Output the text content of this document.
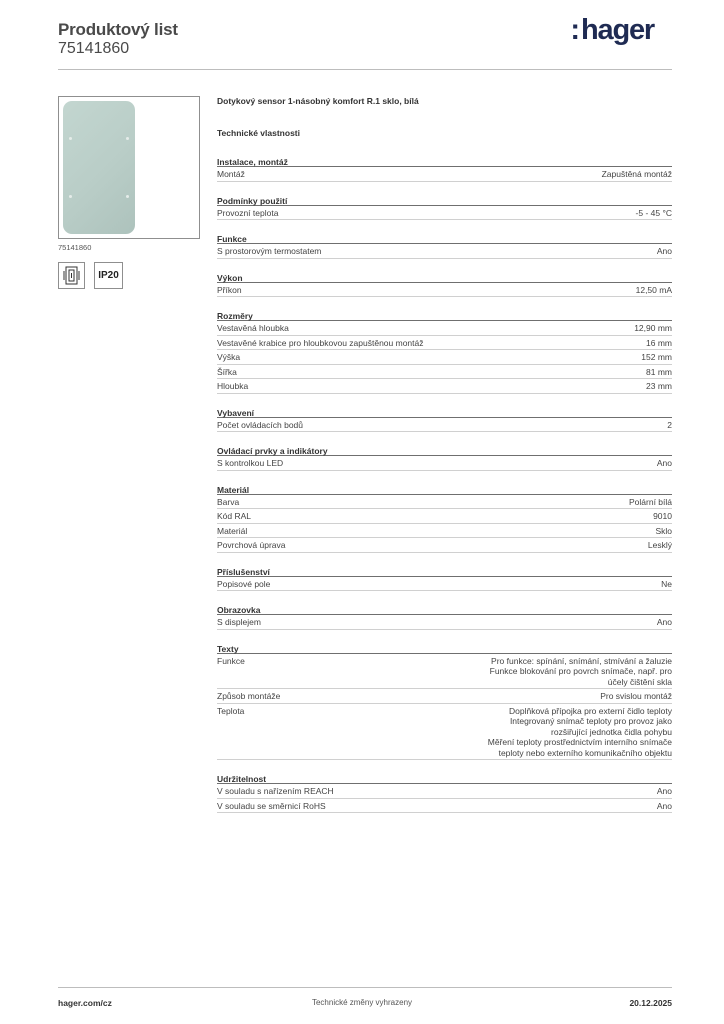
Produktový list
75141860
:hager
75141860
IP20
Dotykový sensor 1-násobný komfort R.1 sklo, bílá
Technické vlastnosti
Instalace, montáž
Montáž	Zapuštěná montáž
Podmínky použití
Provozní teplota	-5 - 45 °C
Funkce
S prostorovým termostatem	Ano
Výkon
Příkon	12,50 mA
Rozměry
Vestavěná hloubka	12,90 mm
Vestavěné krabice pro hloubkovou zapuštěnou montáž	16 mm
Výška	152 mm
Šířka	81 mm
Hloubka	23 mm
Vybavení
Počet ovládacích bodů	2
Ovládací prvky a indikátory
S kontrolkou LED	Ano
Materiál
Barva	Polární bílá
Kód RAL	9010
Materiál	Sklo
Povrchová úprava	Lesklý
Příslušenství
Popisové pole	Ne
Obrazovka
S displejem	Ano
Texty
Funkce	Pro funkce: spínání, snímání, stmívání a žaluzie
Funkce blokování pro povrch snímače, např. pro
účely čištění skla
Způsob montáže	Pro svislou montáž
Teplota	Doplňková přípojka pro externí čidlo teploty
Integrovaný snímač teploty pro provoz jako
rozšiřující jednotka čidla pohybu
Měření teploty prostřednictvím interního snímače
teploty nebo externího komunikačního objektu
Udržitelnost
V souladu s nařízením REACH	Ano
V souladu se směrnicí RoHS	Ano
hager.com/cz	Technické změny vyhrazeny	20.12.2025
